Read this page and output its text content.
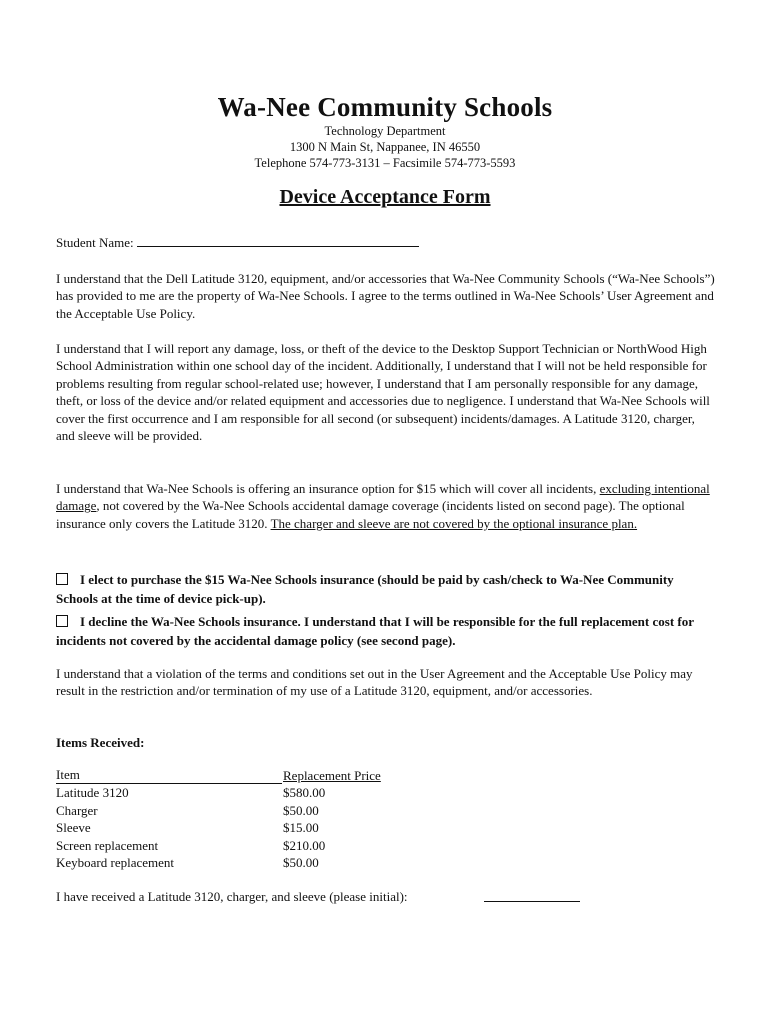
Wa-Nee Community Schools
Technology Department
1300 N Main St, Nappanee, IN 46550
Telephone 574-773-3131 – Facsimile 574-773-5593
Device Acceptance Form
Student Name:
I understand that the Dell Latitude 3120, equipment, and/or accessories that Wa-Nee Community Schools (“Wa-Nee Schools”) has provided to me are the property of Wa-Nee Schools. I agree to the terms outlined in Wa-Nee Schools’ User Agreement and the Acceptable Use Policy.
I understand that I will report any damage, loss, or theft of the device to the Desktop Support Technician or NorthWood High School Administration within one school day of the incident. Additionally, I understand that I will not be held responsible for problems resulting from regular school-related use; however, I understand that I am personally responsible for any damage, theft, or loss of the device and/or related equipment and accessories due to negligence. I understand that Wa-Nee Schools will cover the first occurrence and I am responsible for all second (or subsequent) incidents/damages. A Latitude 3120, charger, and sleeve will be provided.
I understand that Wa-Nee Schools is offering an insurance option for $15 which will cover all incidents, excluding intentional damage, not covered by the Wa-Nee Schools accidental damage coverage (incidents listed on second page). The optional insurance only covers the Latitude 3120. The charger and sleeve are not covered by the optional insurance plan.
I elect to purchase the $15 Wa-Nee Schools insurance (should be paid by cash/check to Wa-Nee Community Schools at the time of device pick-up).
I decline the Wa-Nee Schools insurance. I understand that I will be responsible for the full replacement cost for incidents not covered by the accidental damage policy (see second page).
I understand that a violation of the terms and conditions set out in the User Agreement and the Acceptable Use Policy may result in the restriction and/or termination of my use of a Latitude 3120, equipment, and/or accessories.
Items Received:
Item	Replacement Price
Latitude 3120	$580.00
Charger	$50.00
Sleeve	$15.00
Screen replacement	$210.00
Keyboard replacement	$50.00
I have received a Latitude 3120, charger, and sleeve (please initial):
